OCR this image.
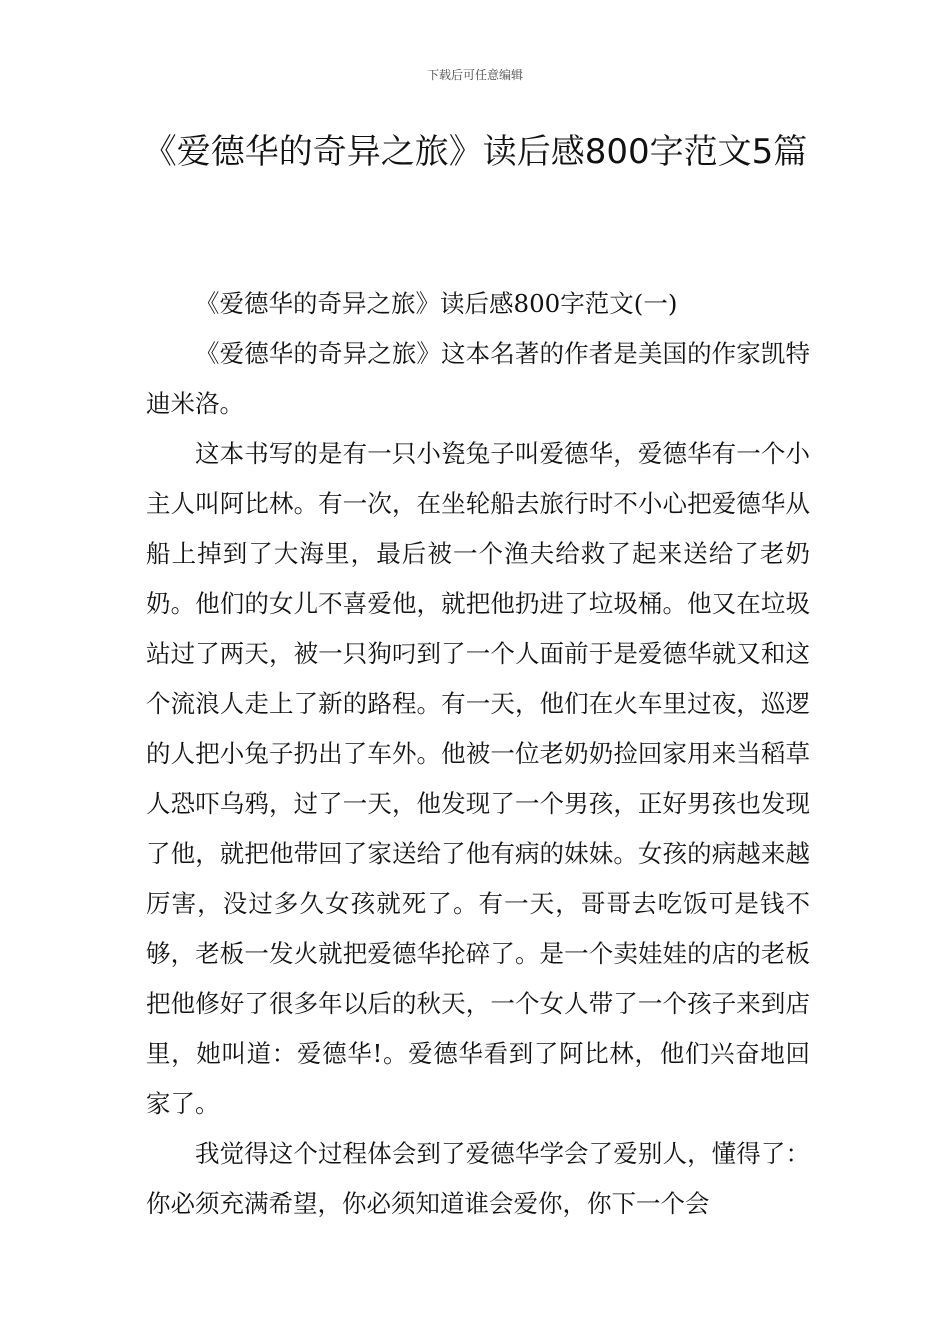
下载后可任意编辑
《爱德华的奇异之旅》读后感800字范文5篇

《爱德华的奇异之旅》读后感800字范文(一)

《爱德华的奇异之旅》这本名著的作者是美国的作家凯特迪米洛。

这本书写的是有一只小瓷兔子叫爱德华，爱德华有一个小主人叫阿比林。有一次，在坐轮船去旅行时不小心把爱德华从船上掉到了大海里，最后被一个渔夫给救了起来送给了老奶奶。他们的女儿不喜爱他，就把他扔进了垃圾桶。他又在垃圾站过了两天，被一只狗叼到了一个人面前于是爱德华就又和这个流浪人走上了新的路程。有一天，他们在火车里过夜，巡逻的人把小兔子扔出了车外。他被一位老奶奶捡回家用来当稻草人恐吓乌鸦，过了一天，他发现了一个男孩，正好男孩也发现了他，就把他带回了家送给了他有病的妹妹。女孩的病越来越厉害，没过多久女孩就死了。有一天，哥哥去吃饭可是钱不够，老板一发火就把爱德华抡碎了。是一个卖娃娃的店的老板把他修好了很多年以后的秋天，一个女人带了一个孩子来到店里，她叫道：爱德华!。爱德华看到了阿比林，他们兴奋地回家了。

我觉得这个过程体会到了爱德华学会了爱别人，懂得了：你必须充满希望，你必须知道谁会爱你，你下一个会
